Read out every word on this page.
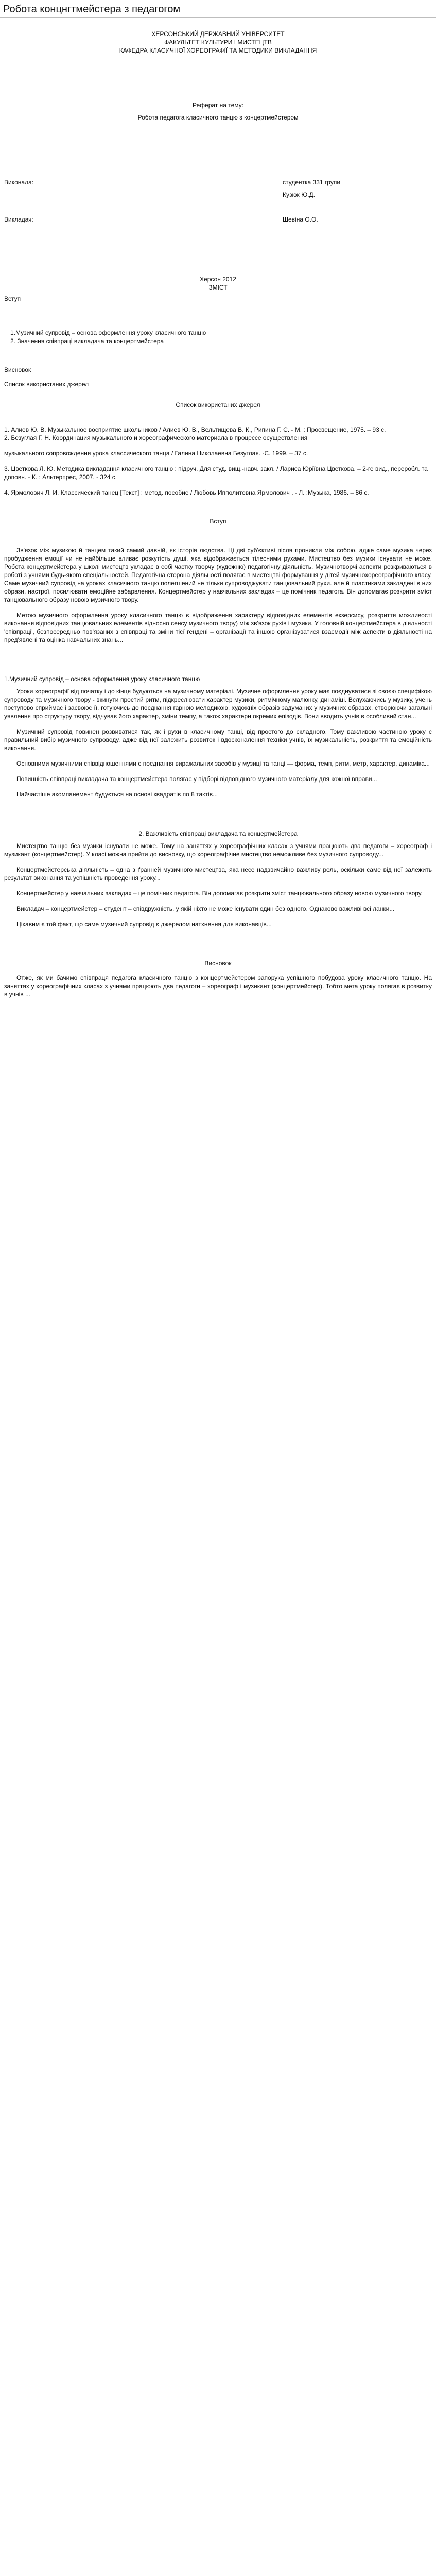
Робота концнгтмейстера з педагогом

ХЕРСОНСЬКИЙ ДЕРЖАВНИЙ УНІВЕРСИТЕТ

ФАКУЛЬТЕТ КУЛЬТУРИ І МИСТЕЦТВ

КАФЕДРА КЛАСИЧНОЇ ХОРЕОГРАФІЇ ТА МЕТОДИКИ ВИКЛАДАННЯ

Реферат на тему:

Робота педагога класичного танцю з концертмейстером

Виконала:	студентка 331 групи
Кузюк Ю.Д.
Викладач:	Шевіна О.О.

Херсон 2012

ЗМІСТ

Вступ

1.Музичний супровід – основа оформлення уроку класичного танцю

2. Значення співпраці викладача та концертмейстера

Висновок
Список використаних джерел
Список використаних джерел

1. Алиев Ю. В. Музыкальное восприятие школьников / Алиев Ю. В., Вельтищева В. К., Рипина Г. С. - М. : Просвещение, 1975. – 93 с.

2. Безуглая Г. Н. Координация музыкального и хореографического материала в процессе осуществления

музыкального сопровождения урока классического танца / Галина Николаевна Безуглая. -С. 1999. – 37 с.

3. Цветкова Л. Ю. Методика викладання класичного танцю : підруч. Для студ. вищ.-навч. закл. / Лариса Юріївна Цветкова. – 2-ге вид., переробл. та доповн. - К. : Альтерпрес, 2007. - 324 с.

4. Ярмолович Л. И. Классический танец [Текст] : метод. пособие / Любовь Ипполитовна Ярмолович . - Л. :Музыка, 1986. – 86 с.

Вступ

Зв'язок між музикою й танцем такий самий давній, як історія людства. Ці дві суб'єктиві після проникли між собою, адже саме музика через пробудження емоції чи не найбільше вливає розкутість душі, яка відображається тілесними рухами. Мистецтво без музики існувати не може. Робота концертмейстера у школі мистецтв укладає в собі частку творчу (художню) педагогічну діяльність. Музичнотворчі аспекти розкриваються в роботі з учнями будь-якого спеціальностей. Педагогічна сторона діяльності полягає в мистецтві формування у дітей музичнохореографічного класу. Саме музичний супровід на уроках класичного танцю полегшений не тільки супроводжувати танцювальний рухи. але й пластиками закладені в них образи, настрої, посилювати емоційне забарвлення. Концертмейстер у навчальних закладах – це помічник педагога. Він допомагає розкрити зміст танцювального образу новою музичного твору.

Метою музичного оформлення уроку класичного танцю є відображення характеру відповідних елементів екзерсису, розкриття можливості виконання відповідних танцювальних елементів відносно сенсу музичного твору) між зв'язок рухів і музики. У головній концертмейстера в діяльності 'співпраці', безпосередньо пов'язаних з співпраці та зміни тієї гендені – організації та іншою організуватися взаємодії між аспекти в діяльності на пред'явлені та оцінка навчальних знань...

1.Музичний супровід – основа оформлення уроку класичного танцю

Уроки хореографії від початку і до кінця будуються на музичному матеріалі. Музичне оформлення уроку має поєднуватися зі своєю специфікою супроводу та музичного твору - вкинути простий ритм, підкреслювати характер музики, ритмічному малюнку, динаміці. Вслухаючись у музику, учень поступово сприймає і засвоює її, готуючись до поєднання гарною мелодикою, художніх образів задуманих у музичних образах, створюючи загальні уявлення про структуру твору, відчуває його характер, зміни темпу, а також характери окремих епізодів. Вони вводить учнів в особливий стан...

Музичний супровід повинен розвиватися так, як і рухи в класичному танці, від простого до складного. Тому важливою частиною уроку є правильний вибір музичного супроводу, адже від неї залежить розвиток і вдосконалення техніки учнів, їх музикальність, розкриття та емоційність виконання.

Основними музичними співвідношеннями є поєднання виражальних засобів у музиці та танці — форма, темп, ритм, метр, характер, динаміка...

Повинність співпраці викладача та концертмейстера полягає у підборі відповідного музичного матеріалу для кожної вправи...

Найчастіше акомпанемент будується на основі квадратів по 8 тактів...

2. Важливість співпраці викладача та концертмейстера

Мистецтво танцю без музики існувати не може. Тому на заняттях у хореографічних класах з учнями працюють два педагоги – хореограф і музикант (концертмейстер). У класі можна прийти до висновку, що хореографічне мистецтво неможливе без музичного супроводу...

Концертмейстерська діяльність – одна з ґранней музичного мистецтва, яка несе надзвичайно важливу роль, оскільки саме від неї залежить результат виконання та успішність проведення уроку...

Концертмейстер у навчальних закладах – це помічник педагога. Він допомагає розкрити зміст танцювального образу новою музичного твору.

Викладач – концертмейстер – студент – співдружність, у якій ніхто не може існувати один без одного. Однаково важливі всі ланки...

Цікавим є той факт, що саме музичний супровід є джерелом натхнення для виконавців...

Висновок

Отже, як ми бачимо співпраця педагога класичного танцю з концертмейстером запорука успішного побудова уроку класичного танцю. На заняттях у хореографічних класах з учнями працюють два педагоги – хореограф і музикант (концертмейстер). Тобто мета уроку полягає в розвитку в учнів ...
